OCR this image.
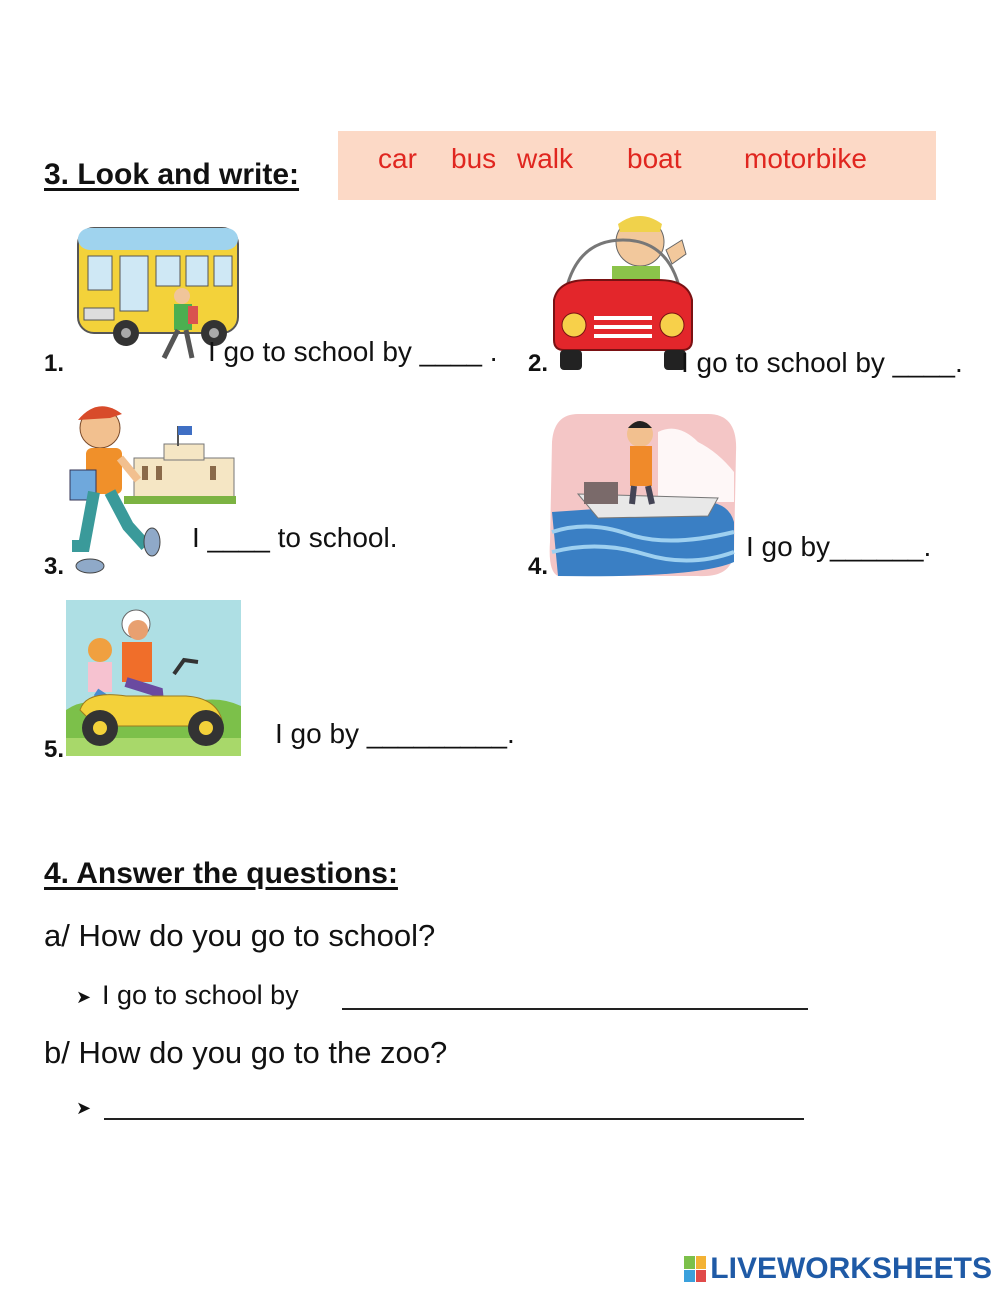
3. Look and write:	car bus walk boat motorbike
1.	I go to school by ____ . 2.	I go to school by ____.
3.
I ____ to school.
4.
I go by______.
5.
I go by _________.
4. Answer the questions:
a/ How do you go to school?
➤ I go to school by
b/ How do you go to the zoo?
➤
LIVEWORKSHEETS
